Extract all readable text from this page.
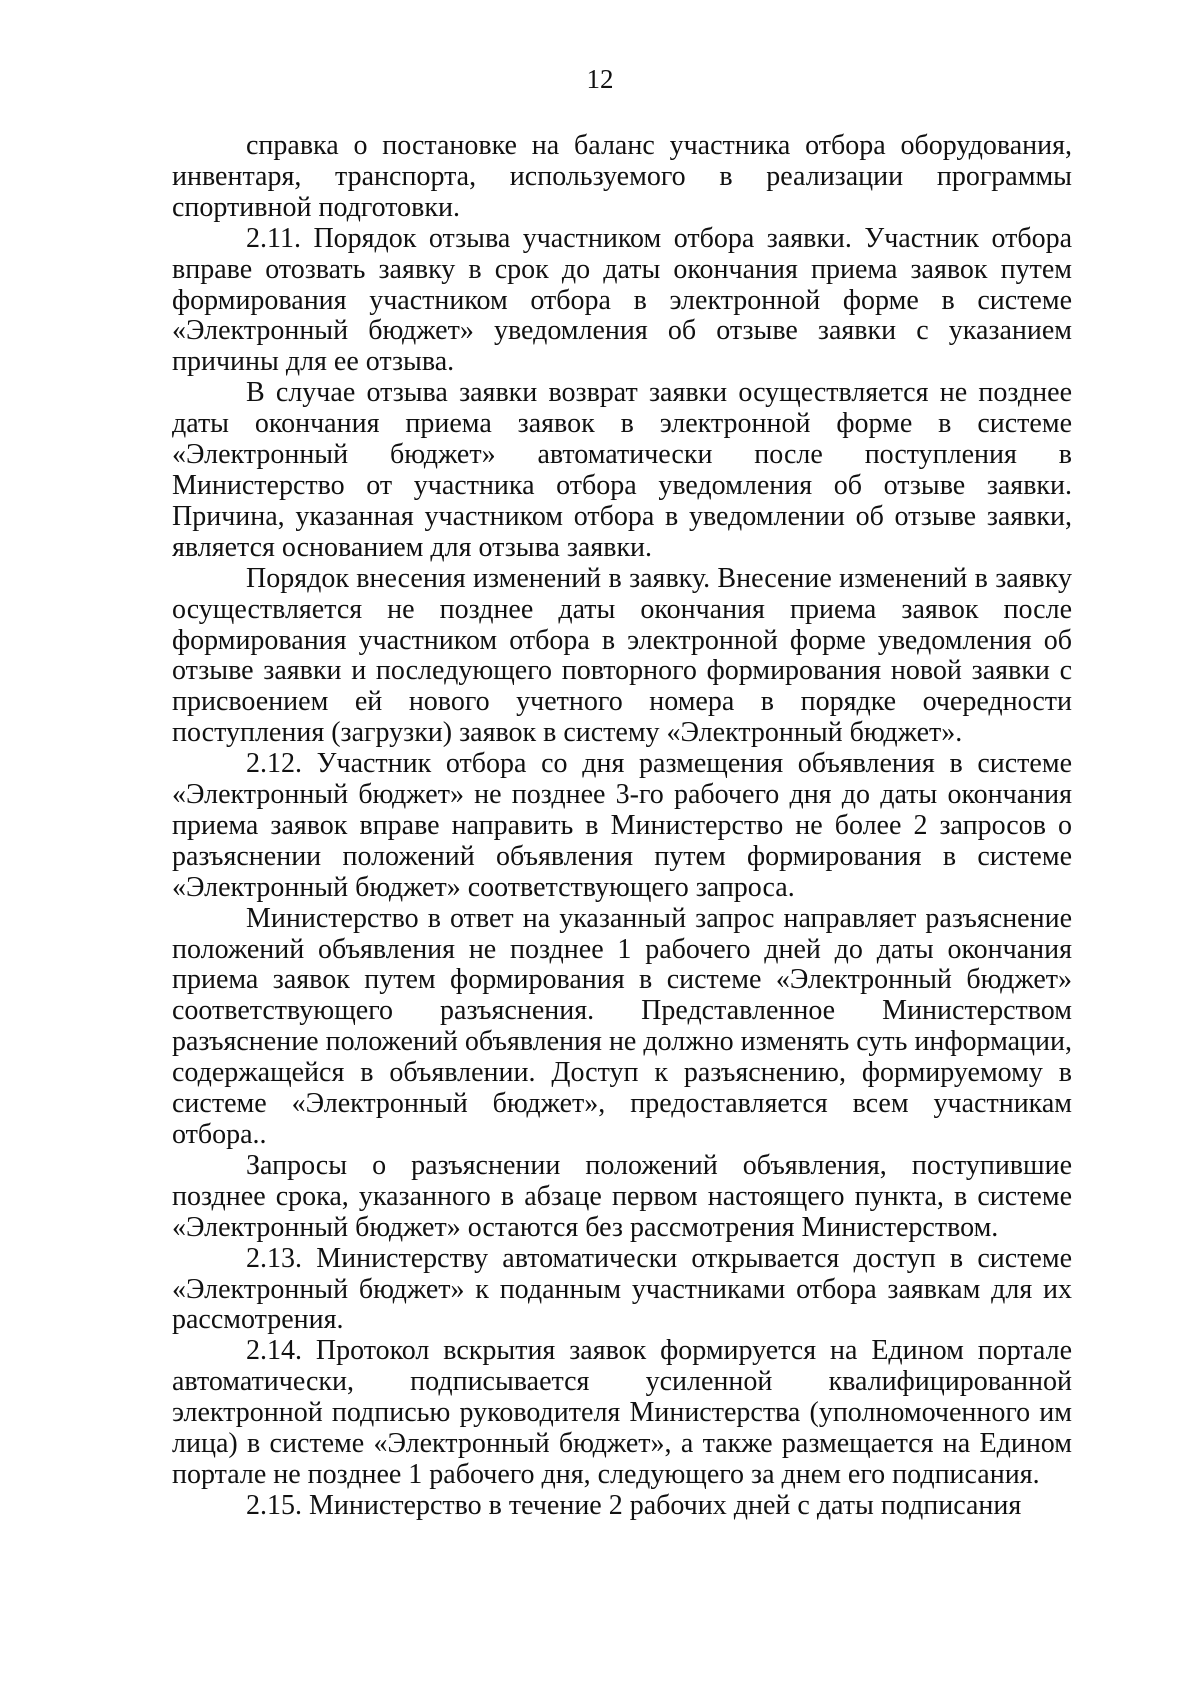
12

справка о постановке на баланс участника отбора оборудования, инвентаря, транспорта, используемого в реализации программы спортивной подготовки.

2.11. Порядок отзыва участником отбора заявки. Участник отбора вправе отозвать заявку в срок до даты окончания приема заявок путем формирования участником отбора в электронной форме в системе «Электронный бюджет» уведомления об отзыве заявки с указанием причины для ее отзыва.

В случае отзыва заявки возврат заявки осуществляется не позднее даты окончания приема заявок в электронной форме в системе «Электронный бюджет» автоматически после поступления в Министерство от участника отбора уведомления об отзыве заявки. Причина, указанная участником отбора в уведомлении об отзыве заявки, является основанием для отзыва заявки.

Порядок внесения изменений в заявку. Внесение изменений в заявку осуществляется не позднее даты окончания приема заявок после формирования участником отбора в электронной форме уведомления об отзыве заявки и последующего повторного формирования новой заявки с присвоением ей нового учетного номера в порядке очередности поступления (загрузки) заявок в систему «Электронный бюджет».

2.12. Участник отбора со дня размещения объявления в системе «Электронный бюджет» не позднее 3-го рабочего дня до даты окончания приема заявок вправе направить в Министерство не более 2 запросов о разъяснении положений объявления путем формирования в системе «Электронный бюджет» соответствующего запроса.

Министерство в ответ на указанный запрос направляет разъяснение положений объявления не позднее 1 рабочего дней до даты окончания приема заявок путем формирования в системе «Электронный бюджет» соответствующего разъяснения. Представленное Министерством разъяснение положений объявления не должно изменять суть информации, содержащейся в объявлении. Доступ к разъяснению, формируемому в системе «Электронный бюджет», предоставляется всем участникам отбора..

Запросы о разъяснении положений объявления, поступившие позднее срока, указанного в абзаце первом настоящего пункта, в системе «Электронный бюджет» остаются без рассмотрения Министерством.

2.13. Министерству автоматически открывается доступ в системе «Электронный бюджет» к поданным участниками отбора заявкам для их рассмотрения.

2.14. Протокол вскрытия заявок формируется на Едином портале автоматически, подписывается усиленной квалифицированной электронной подписью руководителя Министерства (уполномоченного им лица) в системе «Электронный бюджет», а также размещается на Едином портале не позднее 1 рабочего дня, следующего за днем его подписания.

2.15. Министерство в течение 2 рабочих дней с даты подписания
